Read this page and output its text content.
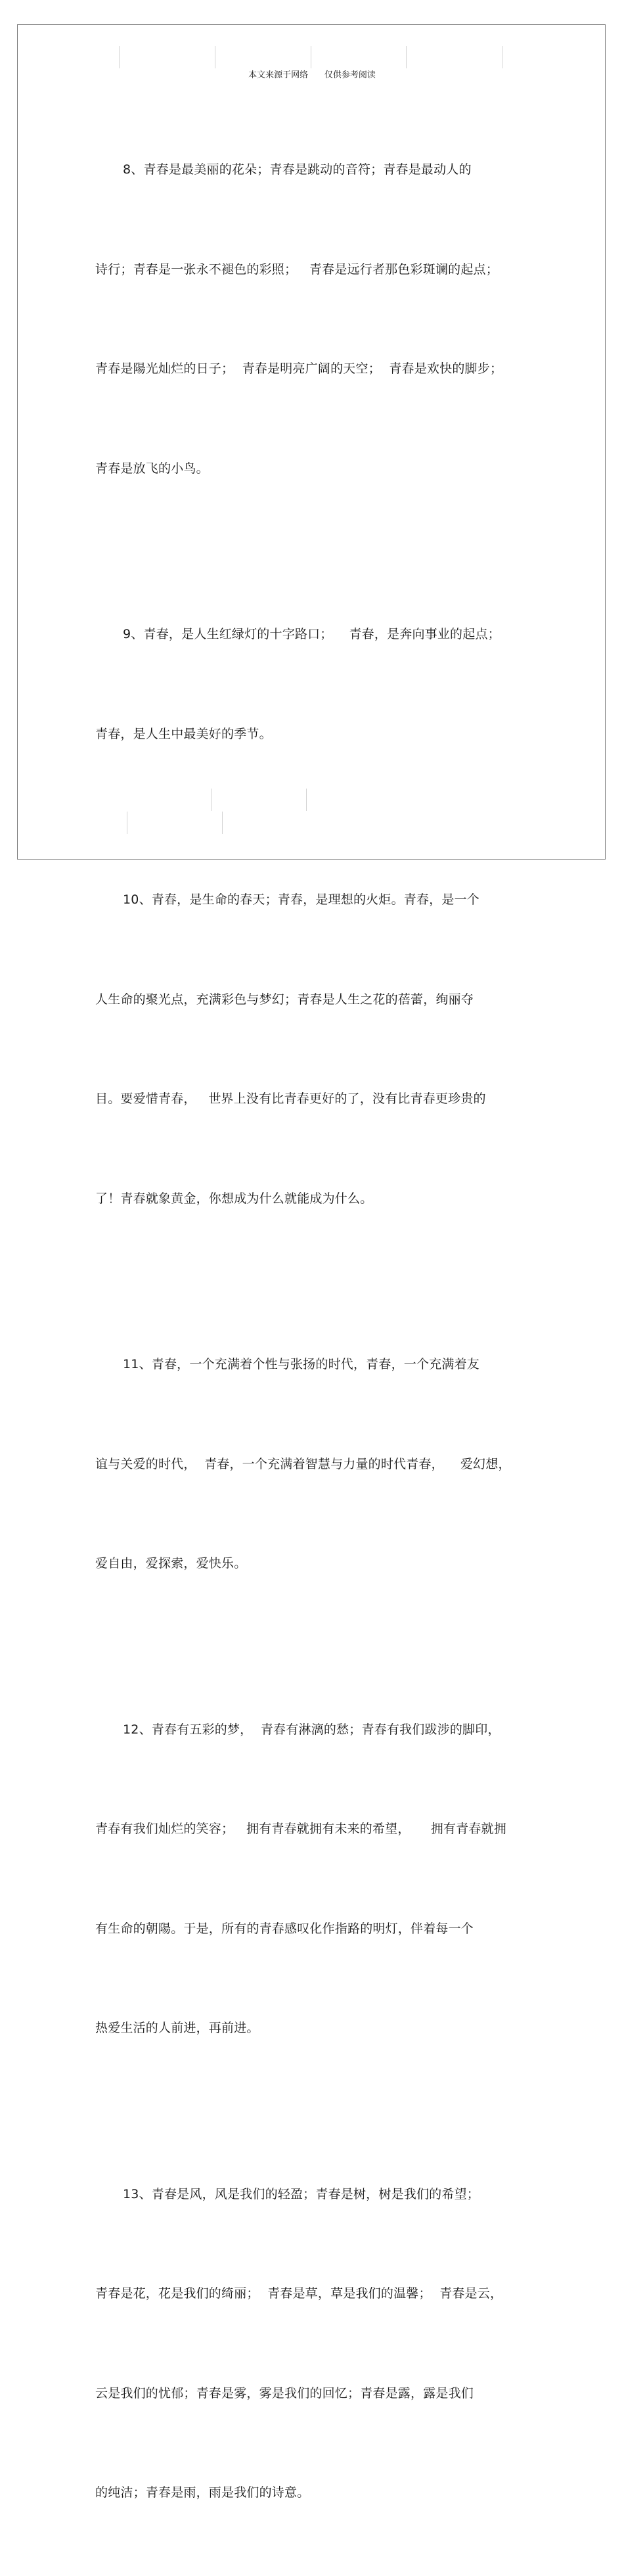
本文来源于网络      仅供参考阅读

8、青春是最美丽的花朵；青春是跳动的音符；青春是最动人的

诗行；青春是一张永不褪色的彩照；   青春是远行者那色彩斑谰的起点；

青春是陽光灿烂的日子；  青春是明亮广阔的天空；  青春是欢快的脚步；

青春是放飞的小鸟。

9、青春，是人生红绿灯的十字路口；    青春，是奔向事业的起点；

青春，是人生中最美好的季节。

10、青春，是生命的春天；青春，是理想的火炬。青春，是一个

人生命的聚光点，充满彩色与梦幻；青春是人生之花的蓓蕾，绚丽夺

目。要爱惜青春，   世界上没有比青春更好的了，没有比青春更珍贵的

了！青春就象黄金，你想成为什么就能成为什么。

11、青春，一个充满着个性与张扬的时代，青春，一个充满着友

谊与关爱的时代，  青春，一个充满着智慧与力量的时代青春，    爱幻想，

爱自由，爱探索，爱快乐。

12、青春有五彩的梦，  青春有淋漓的愁；青春有我们跋涉的脚印，

青春有我们灿烂的笑容；   拥有青春就拥有未来的希望，     拥有青春就拥

有生命的朝陽。于是，所有的青春感叹化作指路的明灯，伴着每一个

热爱生活的人前进，再前进。

13、青春是风，风是我们的轻盈；青春是树，树是我们的希望；

青春是花，花是我们的绮丽；  青春是草，草是我们的温馨；  青春是云，

云是我们的忧郁；青春是雾，雾是我们的回忆；青春是露，露是我们

的纯洁；青春是雨，雨是我们的诗意。
